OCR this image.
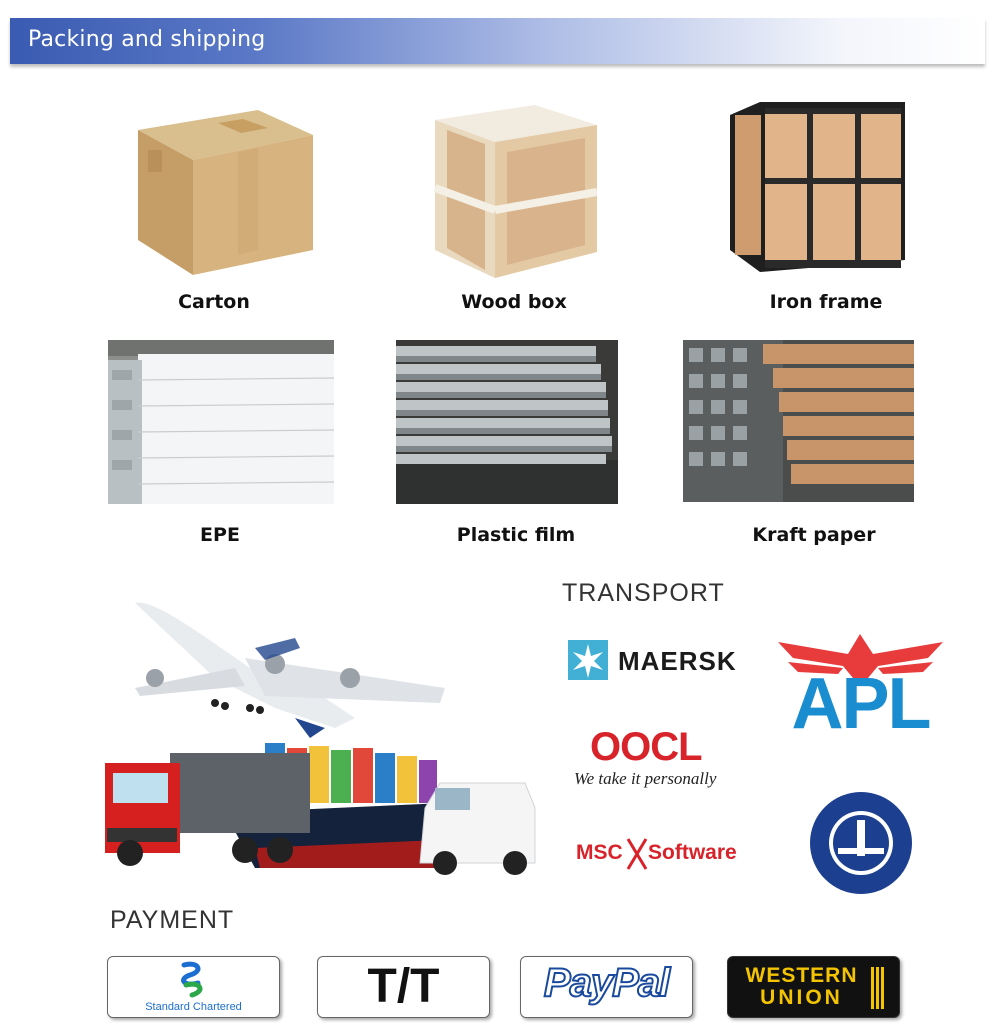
Packing and shipping
Carton	Wood box	Iron frame
EPE	Plastic film	Kraft paper
TRANSPORT
MAERSK
APL
OOCL
We take it personally
MSC Software
PAYMENT
Standard Chartered	T/T	PayPal	WESTERN
UNION
